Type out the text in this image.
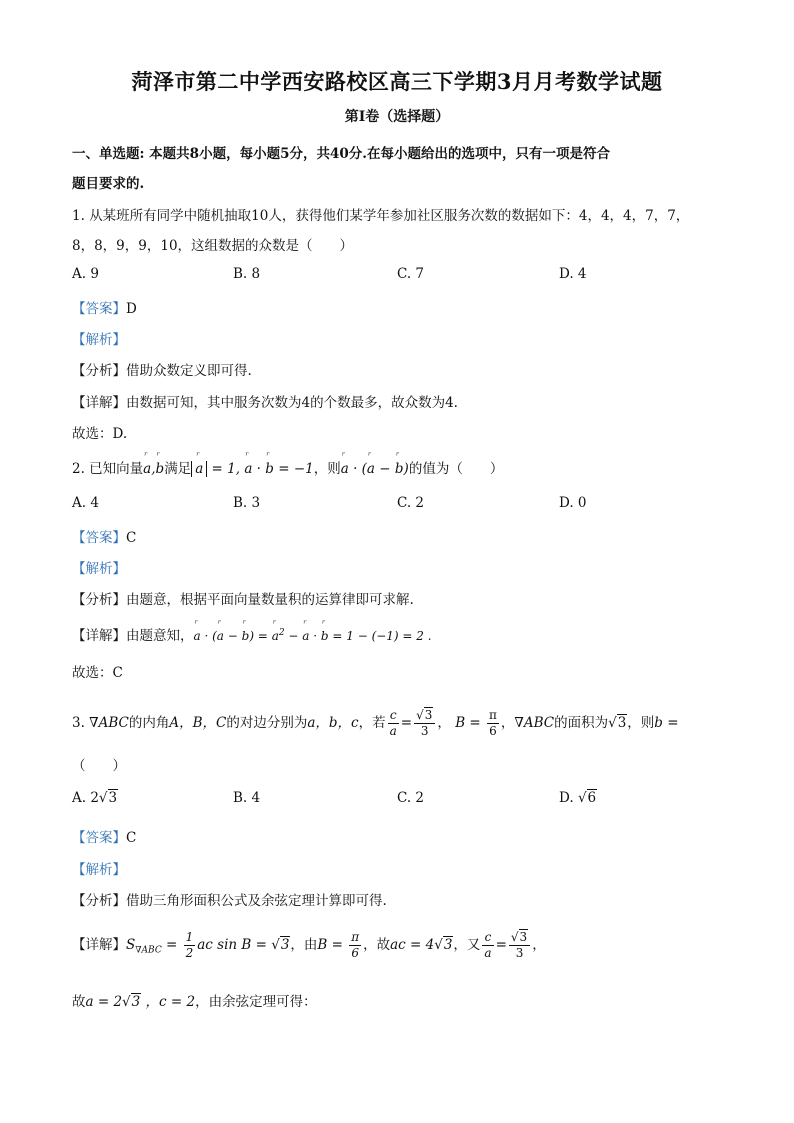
菏泽市第二中学西安路校区高三下学期3月月考数学试题
第I卷（选择题）
一、单选题: 本题共8小题，每小题5分，共40分.在每小题给出的选项中，只有一项是符合
题目要求的.
1. 从某班所有同学中随机抽取10人，获得他们某学年参加社区服务次数的数据如下：4，4，4，7，7，
8，8，9，9，10，这组数据的众数是（　　）
A. 9	B. 8	C. 7	D. 4
【答案】D
【解析】
【分析】借助众数定义即可得.
【详解】由数据可知，其中服务次数为4的个数最多，故众数为4.
故选：D.
2. 已知向量ʳ a,ʳ b满足ʳ a = 1, ʳ a · ʳ b = −1，则ʳ a · (ʳ a − ʳ b)的值为（　　）
A. 4	B. 3	C. 2	D. 0
【答案】C
【解析】
【分析】由题意，根据平面向量数量积的运算律即可求解.
【详解】由题意知，ʳ a · (ʳ a − ʳ b) = ʳ $a^2$ − ʳ a · ʳ b = 1 − (−1) = 2 .
故选：C
3. ∇ABC的内角A，B，C的对边分别为a，b，c，若 $\frac{c}{a} = \frac{√3}{3}$ ， $B = \frac{\pi}{6}$ ，∇ABC的面积为√3，则b =
（　　）
A. 2√3	B. 4	C. 2	D. √6
【答案】C
【解析】
【分析】借助三角形面积公式及余弦定理计算即可得.
【详解】$S_{\nabla ABC} = \frac{1}{2}$ ac sin B = √3，由$B = \frac{\pi}{6}$ ，故ac = 4√3，又 $\frac{c}{a} = \frac{√3}{3}$ ，
故a = 2√3 ，c = 2，由余弦定理可得：
